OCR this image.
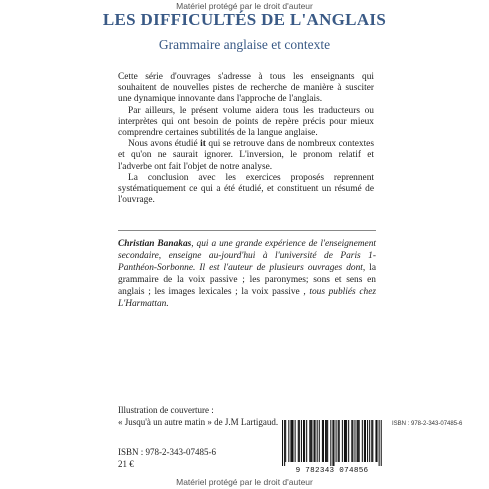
Matériel protégé par le droit d'auteur
LES DIFFICULTÉS DE L'ANGLAIS
Grammaire anglaise et contexte

Cette série d'ouvrages s'adresse à tous les enseignants qui souhaitent de nouvelles pistes de recherche de manière à susciter une dynamique innovante dans l'approche de l'anglais.

Par ailleurs, le présent volume aidera tous les traducteurs ou interprètes qui ont besoin de points de repère précis pour mieux comprendre certaines subtilités de la langue anglaise.

Nous avons étudié it qui se retrouve dans de nombreux contextes et qu'on ne saurait ignorer. L'inversion, le pronom relatif et l'adverbe ont fait l'objet de notre analyse.

La conclusion avec les exercices proposés reprennent systématiquement ce qui a été étudié, et constituent un résumé de l'ouvrage.

Christian Banakas, qui a une grande expérience de l'enseignement secondaire, enseigne au-jourd'hui à l'université de Paris 1-Panthéon-Sorbonne. Il est l'auteur de plusieurs ouvrages dont, la grammaire de la voix passive ; les paronymes; sons et sens en anglais ; les images lexicales ; la voix passive , tous publiés chez L'Harmattan.
Illustration de couverture :
« Jusqu'à un autre matin » de J.M Lartigaud.
ISBN : 978-2-343-07485-6
21 €
9 782343 074856
ISBN : 978-2-343-07485-6
Matériel protégé par le droit d'auteur
